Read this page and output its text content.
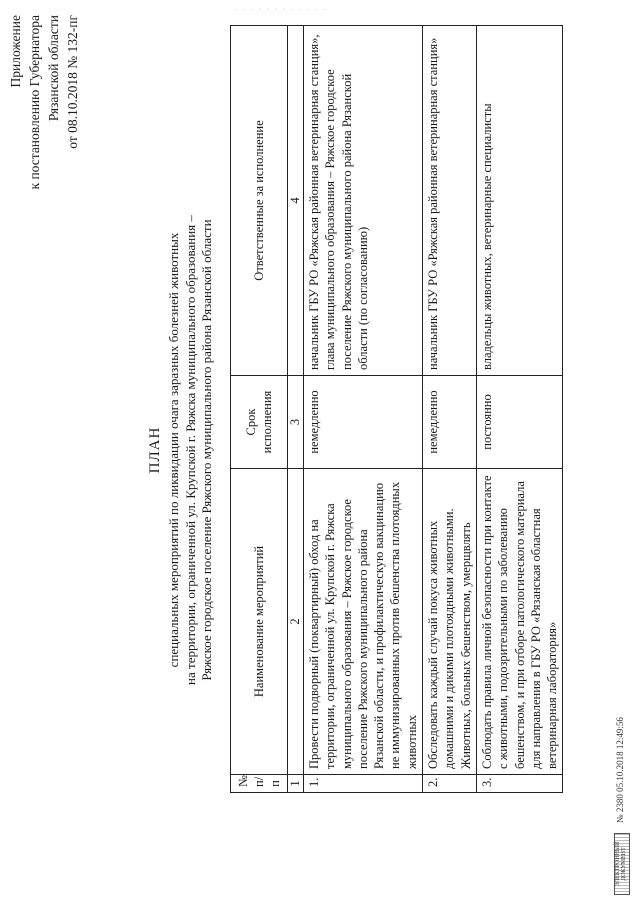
· · · · · · · · · · · ·
Приложение к постановлению Губернатора Рязанской области от 08.10.2018 № 132-пг
ПЛАН специальных мероприятий по ликвидации очага заразных болезней животных на территории, ограниченной ул. Крупской г. Ряжска муниципального образования – Ряжское городское поселение Ряжского муниципального района Рязанской области
№ п/п	Наименование мероприятий	Срок исполнения	Ответственные за исполнение
1	2	3	4
1.	Провести подворный (поквартирный) обход на территории, ограниченной ул. Крупской г. Ряжска муниципального образования – Ряжское городское поселение Ряжского муниципального района Рязанской области, и профилактическую вакцинацию не иммунизированных против бешенства плотоядных животных	немедленно	начальник ГБУ РО «Ряжская районная ветеринарная станция», глава муниципального образования – Ряжское городское поселение Ряжского муниципального района Рязанской области (по согласованию)
2.	Обследовать каждый случай покуса животных домашними и дикими плотоядными животными. Животных, больных бешенством, умерщвлять	немедленно	начальник ГБУ РО «Ряжская районная ветеринарная станция»
3.	Соблюдать правила личной безопасности при контакте с животными, подозрительными по заболеванию бешенством, и при отборе патологического материала для направления в ГБУ РО «Рязанская областная ветеринарная лаборатория»	постоянно	владельцы животных, ветеринарные специалисты
ЭЛЕКТРОННЫЙ ДОКУМЕНТ
№ 2380 05.10.2018 12:49:56
